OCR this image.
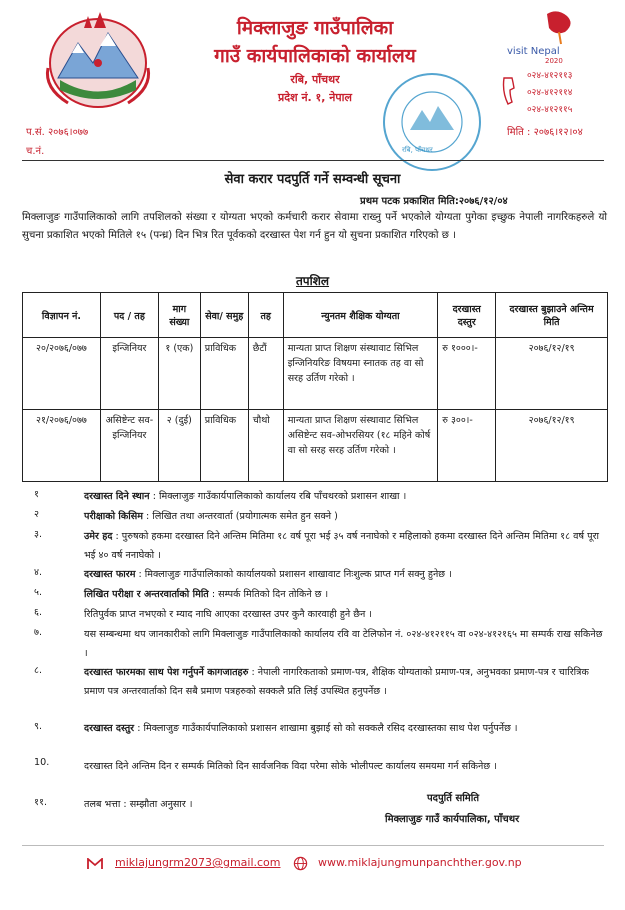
मिक्लाजुङ गाउँपालिका
गाउँ कार्यपालिकाको कार्यालय
रबि, पाँचथर
प्रदेश नं. १, नेपाल
visit Nepal
2020
०२४-४१२११३
०२४-४१२११४
०२४-४१२११५
रबि, पाँचथर
प.सं. २०७६।०७७
च.नं.
मिति : २०७६।१२।०४
सेवा करार पदपुर्ति गर्ने सम्वन्धी सूचना
प्रथम पटक प्रकाशित मिति:२०७६/१२/०४
मिक्लाजुङ गाउँपालिकाको लागि तपशिलको संख्या र योग्यता भएको कर्मचारी करार सेवामा राख्नु पर्ने भएकोले योग्यता पुगेका इच्छुक नेपाली नागरिकहरुले यो सुचना प्रकाशित भएको मितिले १५ (पन्ध्र) दिन भित्र रित पूर्वकको दरखास्त पेश गर्न हुन यो सुचना प्रकाशित गरिएको छ ।
तपशिल
विज्ञापन नं.	पद / तह	माग संख्या	सेवा/ समुह	तह	न्युनतम शैक्षिक योग्यता	दरखास्त दस्तुर	दरखास्त बुझाउने अन्तिम मिति
२०/२०७६/०७७	इन्जिनियर	१ (एक)	प्राविधिक	छैटौं	मान्यता प्राप्त शिक्षण संस्थावाट सिभिल इन्जिनियरिङ विषयमा स्नातक तह वा सो सरह उर्तिण गरेको ।	रु १०००।-	२०७६/१२/१९
२१/२०७६/०७७	असिष्टेन्ट सव-इन्जिनियर	२ (दुई)	प्राविधिक	चौथो	मान्यता प्राप्त शिक्षण संस्थावाट सिभिल असिष्टेन्ट सव-ओभरसियर (१८ महिने कोर्ष वा सो सरह सरह उर्तिण गरेको ।	रु ३००।-	२०७६/१२/१९
१	दरखास्त दिने स्थान : मिक्लाजुङ गाउँकार्यपालिकाको कार्यालय रबि पाँचथरको प्रशासन शाखा ।
२	परीक्षाको किसिम : लिखित तथा अन्तरवार्ता (प्रयोगात्मक समेत हुन सक्ने )
३.	उमेर हद : पुरुषको हकमा दरखास्त दिने अन्तिम मितिमा १८ वर्ष पूरा भई ३५ वर्ष ननाघेको र महिलाको हकमा दरखास्त दिने अन्तिम मितिमा १८ वर्ष पूरा भई ४० वर्ष ननाघेको ।
४.	दरखास्त फारम : मिक्लाजुङ गाउँपालिकाको कार्यालयको प्रशासन शाखावाट निःशुल्क प्राप्त गर्न सक्नु हुनेछ ।
५.	लिखित परीक्षा र अन्तरवार्ताको मिति : सम्पर्क मितिको दिन तोकिने छ ।
६.	रितिपुर्वक प्राप्त नभएको र म्याद नाघि आएका दरखास्त उपर कुनै कारवाही हुने छैन ।
७.	यस सम्बन्धमा थप जानकारीको लागि मिक्लाजुङ गाउँपालिकाको कार्यालय रवि वा टेलिफोन नं. ०२४-४१२११५ वा ०२४-४१२१६५ मा सम्पर्क राख सकिनेछ ।
८.	दरखास्त फारमका साथ पेश गर्नुपर्ने कागजातहरु : नेपाली नागरिकताको प्रमाण-पत्र, शैक्षिक योग्यताको प्रमाण-पत्र, अनुभवका प्रमाण-पत्र र चारित्रिक प्रमाण पत्र अन्तरवार्ताको दिन सबै प्रमाण पत्रहरुको सक्कलै प्रति लिई उपस्थित हनुपर्नेछ ।
९.	दरखास्त दस्तुर : मिक्लाजुङ गाउँकार्यपालिकाको प्रशासन शाखामा बुझाई सो को सक्कलै रसिद दरखास्तका साथ पेश पर्नुपर्नेछ ।
10.	दरखास्त दिने अन्तिम दिन र सम्पर्क मितिको दिन सार्वजनिक विदा परेमा सोके भोलीपल्ट कार्यालय समयमा गर्न सकिनेछ ।
११.	तलब भत्ता : सम्झौता अनुसार ।
पदपुर्ति समिति
मिक्लाजुङ गाउँ कार्यपालिका, पाँचथर
miklajungrm2073@gmail.com	www.miklajungmunpanchther.gov.np
